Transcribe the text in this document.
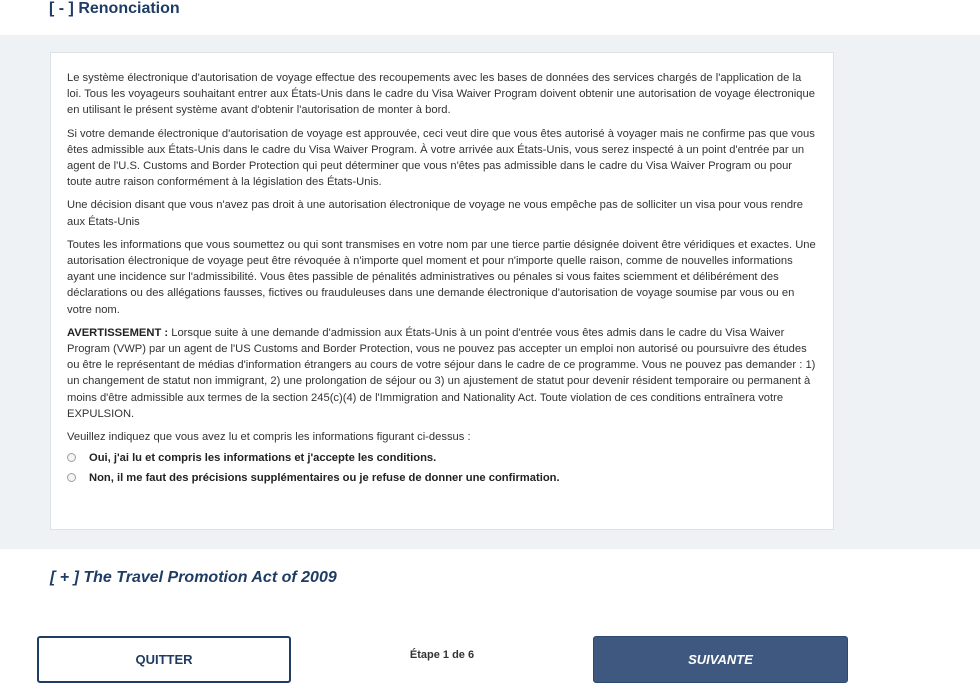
[ - ] Renonciation

Le système électronique d'autorisation de voyage effectue des recoupements avec les bases de données des services chargés de l'application de la loi. Tous les voyageurs souhaitant entrer aux États-Unis dans le cadre du Visa Waiver Program doivent obtenir une autorisation de voyage électronique en utilisant le présent système avant d'obtenir l'autorisation de monter à bord.

Si votre demande électronique d'autorisation de voyage est approuvée, ceci veut dire que vous êtes autorisé à voyager mais ne confirme pas que vous êtes admissible aux États-Unis dans le cadre du Visa Waiver Program. À votre arrivée aux États-Unis, vous serez inspecté à un point d'entrée par un agent de l'U.S. Customs and Border Protection qui peut déterminer que vous n'êtes pas admissible dans le cadre du Visa Waiver Program ou pour toute autre raison conformément à la législation des États-Unis.

Une décision disant que vous n'avez pas droit à une autorisation électronique de voyage ne vous empêche pas de solliciter un visa pour vous rendre aux États-Unis

Toutes les informations que vous soumettez ou qui sont transmises en votre nom par une tierce partie désignée doivent être véridiques et exactes. Une autorisation électronique de voyage peut être révoquée à n'importe quel moment et pour n'importe quelle raison, comme de nouvelles informations ayant une incidence sur l'admissibilité. Vous êtes passible de pénalités administratives ou pénales si vous faites sciemment et délibérément des déclarations ou des allégations fausses, fictives ou frauduleuses dans une demande électronique d'autorisation de voyage soumise par vous ou en votre nom.

AVERTISSEMENT : Lorsque suite à une demande d'admission aux États-Unis à un point d'entrée vous êtes admis dans le cadre du Visa Waiver Program (VWP) par un agent de l'US Customs and Border Protection, vous ne pouvez pas accepter un emploi non autorisé ou poursuivre des études ou être le représentant de médias d'information étrangers au cours de votre séjour dans le cadre de ce programme. Vous ne pouvez pas demander : 1) un changement de statut non immigrant, 2) une prolongation de séjour ou 3) un ajustement de statut pour devenir résident temporaire ou permanent à moins d'être admissible aux termes de la section 245(c)(4) de l'Immigration and Nationality Act. Toute violation de ces conditions entraînera votre EXPULSION.

Veuillez indiquez que vous avez lu et compris les informations figurant ci-dessus :

Oui, j'ai lu et compris les informations et j'accepte les conditions.
Non, il me faut des précisions supplémentaires ou je refuse de donner une confirmation.
[ + ] The Travel Promotion Act of 2009
QUITTER	Étape 1 de 6	SUIVANTE
